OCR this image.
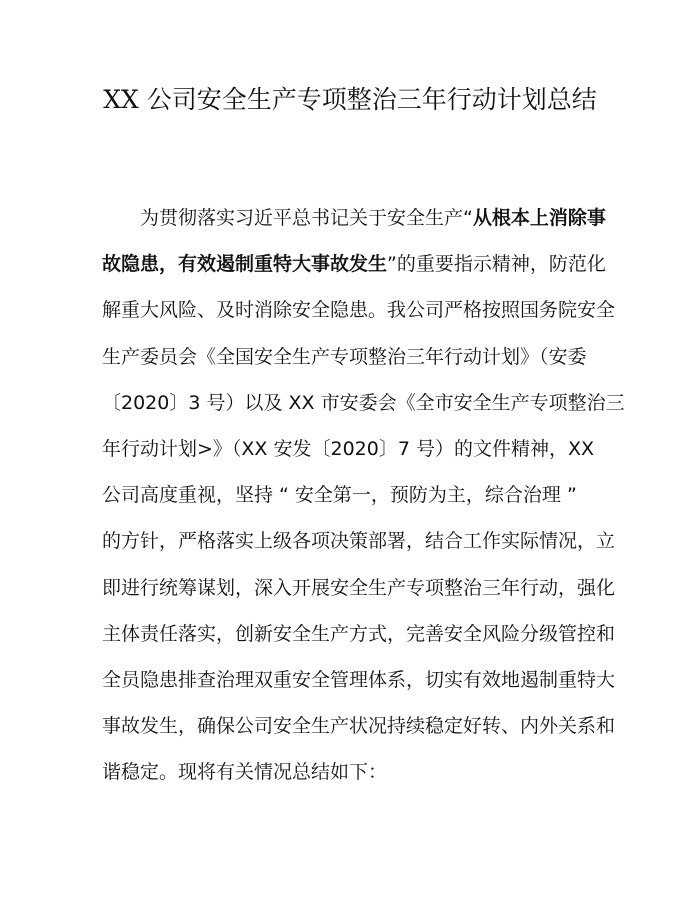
XX 公司安全生产专项整治三年行动计划总结
为贯彻落实习近平总书记关于安全生产“从根本上消除事
故隐患，有效遏制重特大事故发生”的重要指示精神，防范化
解重大风险、及时消除安全隐患。我公司严格按照国务院安全
生产委员会《全国安全生产专项整治三年行动计划》（安委
〔2020〕3 号）以及 XX 市安委会《全市安全生产专项整治三
年行动计划>》（XX 安发〔2020〕7 号）的文件精神，XX
公司高度重视，坚持 “ 安全第一，预防为主，综合治理 ”
的方针，严格落实上级各项决策部署，结合工作实际情况，立
即进行统筹谋划，深入开展安全生产专项整治三年行动，强化
主体责任落实，创新安全生产方式，完善安全风险分级管控和
全员隐患排查治理双重安全管理体系，切实有效地遏制重特大
事故发生，确保公司安全生产状况持续稳定好转、内外关系和
谐稳定。现将有关情况总结如下：
